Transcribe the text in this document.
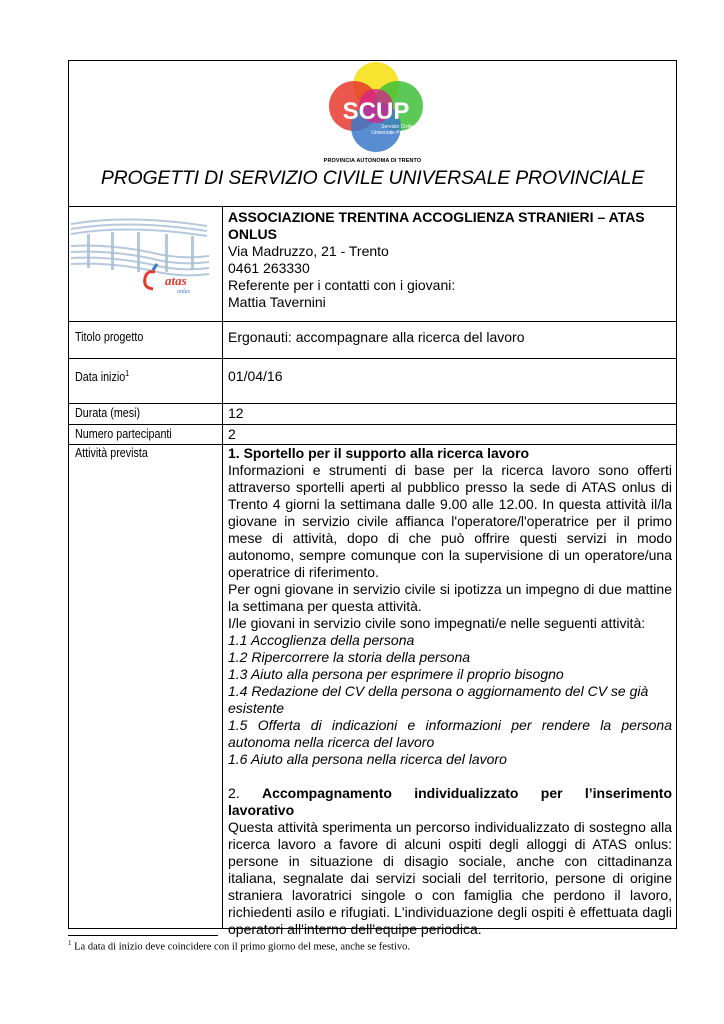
SCUP
Servizio Civile
Universale Provinciale
PROVINCIA AUTONOMA DI TRENTO
PROGETTI DI SERVIZIO CIVILE UNIVERSALE PROVINCIALE
atas
onlus
ASSOCIAZIONE TRENTINA ACCOGLIENZA STRANIERI – ATAS
ONLUS
Via Madruzzo, 21 - Trento
0461 263330
Referente per i contatti con i giovani:
Mattia Tavernini
Titolo progetto	Ergonauti: accompagnare alla ricerca del lavoro
Data inizio$^1$	01/04/16
Durata (mesi)	12
Numero partecipanti	2
Attività prevista	1. Sportello per il supporto alla ricerca lavoro
Informazioni e strumenti di base per la ricerca lavoro sono offerti attraverso sportelli aperti al pubblico presso la sede di ATAS onlus di Trento 4 giorni la settimana dalle 9.00 alle 12.00. In questa attività il/la giovane in servizio civile affianca l'operatore/l'operatrice per il primo mese di attività, dopo di che può offrire questi servizi in modo autonomo, sempre comunque con la supervisione di un operatore/una operatrice di riferimento.
Per ogni giovane in servizio civile si ipotizza un impegno di due mattine la settimana per questa attività.
I/le giovani in servizio civile sono impegnati/e nelle seguenti attività:
1.1 Accoglienza della persona
1.2 Ripercorrere la storia della persona
1.3 Aiuto alla persona per esprimere il proprio bisogno
1.4 Redazione del CV della persona o aggiornamento del CV se già esistente
1.5 Offerta di indicazioni e informazioni per rendere la persona autonoma nella ricerca del lavoro
1.6 Aiuto alla persona nella ricerca del lavoro
2. Accompagnamento individualizzato per l’inserimento
lavorativo
Questa attività sperimenta un percorso individualizzato di sostegno alla ricerca lavoro a favore di alcuni ospiti degli alloggi di ATAS onlus: persone in situazione di disagio sociale, anche con cittadinanza italiana, segnalate dai servizi sociali del territorio, persone di origine straniera lavoratrici singole o con famiglia che perdono il lavoro, richiedenti asilo e rifugiati. L'individuazione degli ospiti è effettuata dagli operatori all'interno dell'equipe periodica.
$^1$ La data di inizio deve coincidere con il primo giorno del mese, anche se festivo.
